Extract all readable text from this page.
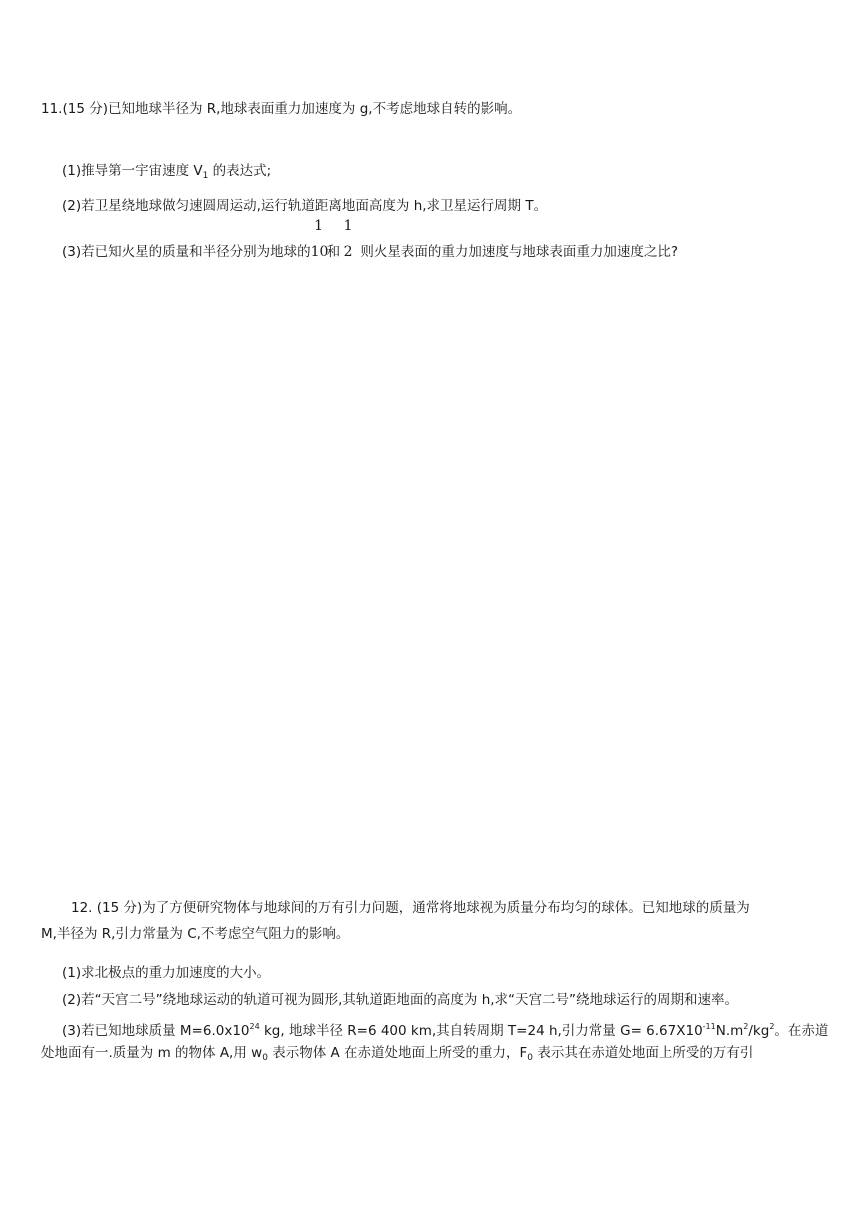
11.(15 分)已知地球半径为 R,地球表面重力加速度为 g,不考虑地球自转的影响。
(1)推导第一宇宙速度 $V_1$ 的表达式;
(2)若卫星绕地球做匀速圆周运动,运行轨道距离地面高度为 h,求卫星运行周期 T。
(3)若已知火星的质量和半径分别为地球的
1
10和
1
2 则火星表面的重力加速度与地球表面重力加速度之比?
12. (15 分)为了方便研究物体与地球间的万有引力问题，通常将地球视为质量分布均匀的球体。已知地球的质量为
M,半径为 R,引力常量为 C,不考虑空气阻力的影响。
(1)求北极点的重力加速度的大小。
(2)若“天宫二号”绕地球运动的轨道可视为圆形,其轨道距地面的高度为 h,求“天宫二号”绕地球运行的周期和速率。
(3)若已知地球质量 $M=6.0x10^{24}$ kg, 地球半径 R=6 400 km,其自转周期 T=24 h,引力常量 $G= 6.67X10^{-11}N.m^2/kg^2$。在赤道
处地面有一.质量为 m 的物体 A,用 $w_0$ 表示物体 A 在赤道处地面上所受的重力，$F_0$ 表示其在赤道处地面上所受的万有引
